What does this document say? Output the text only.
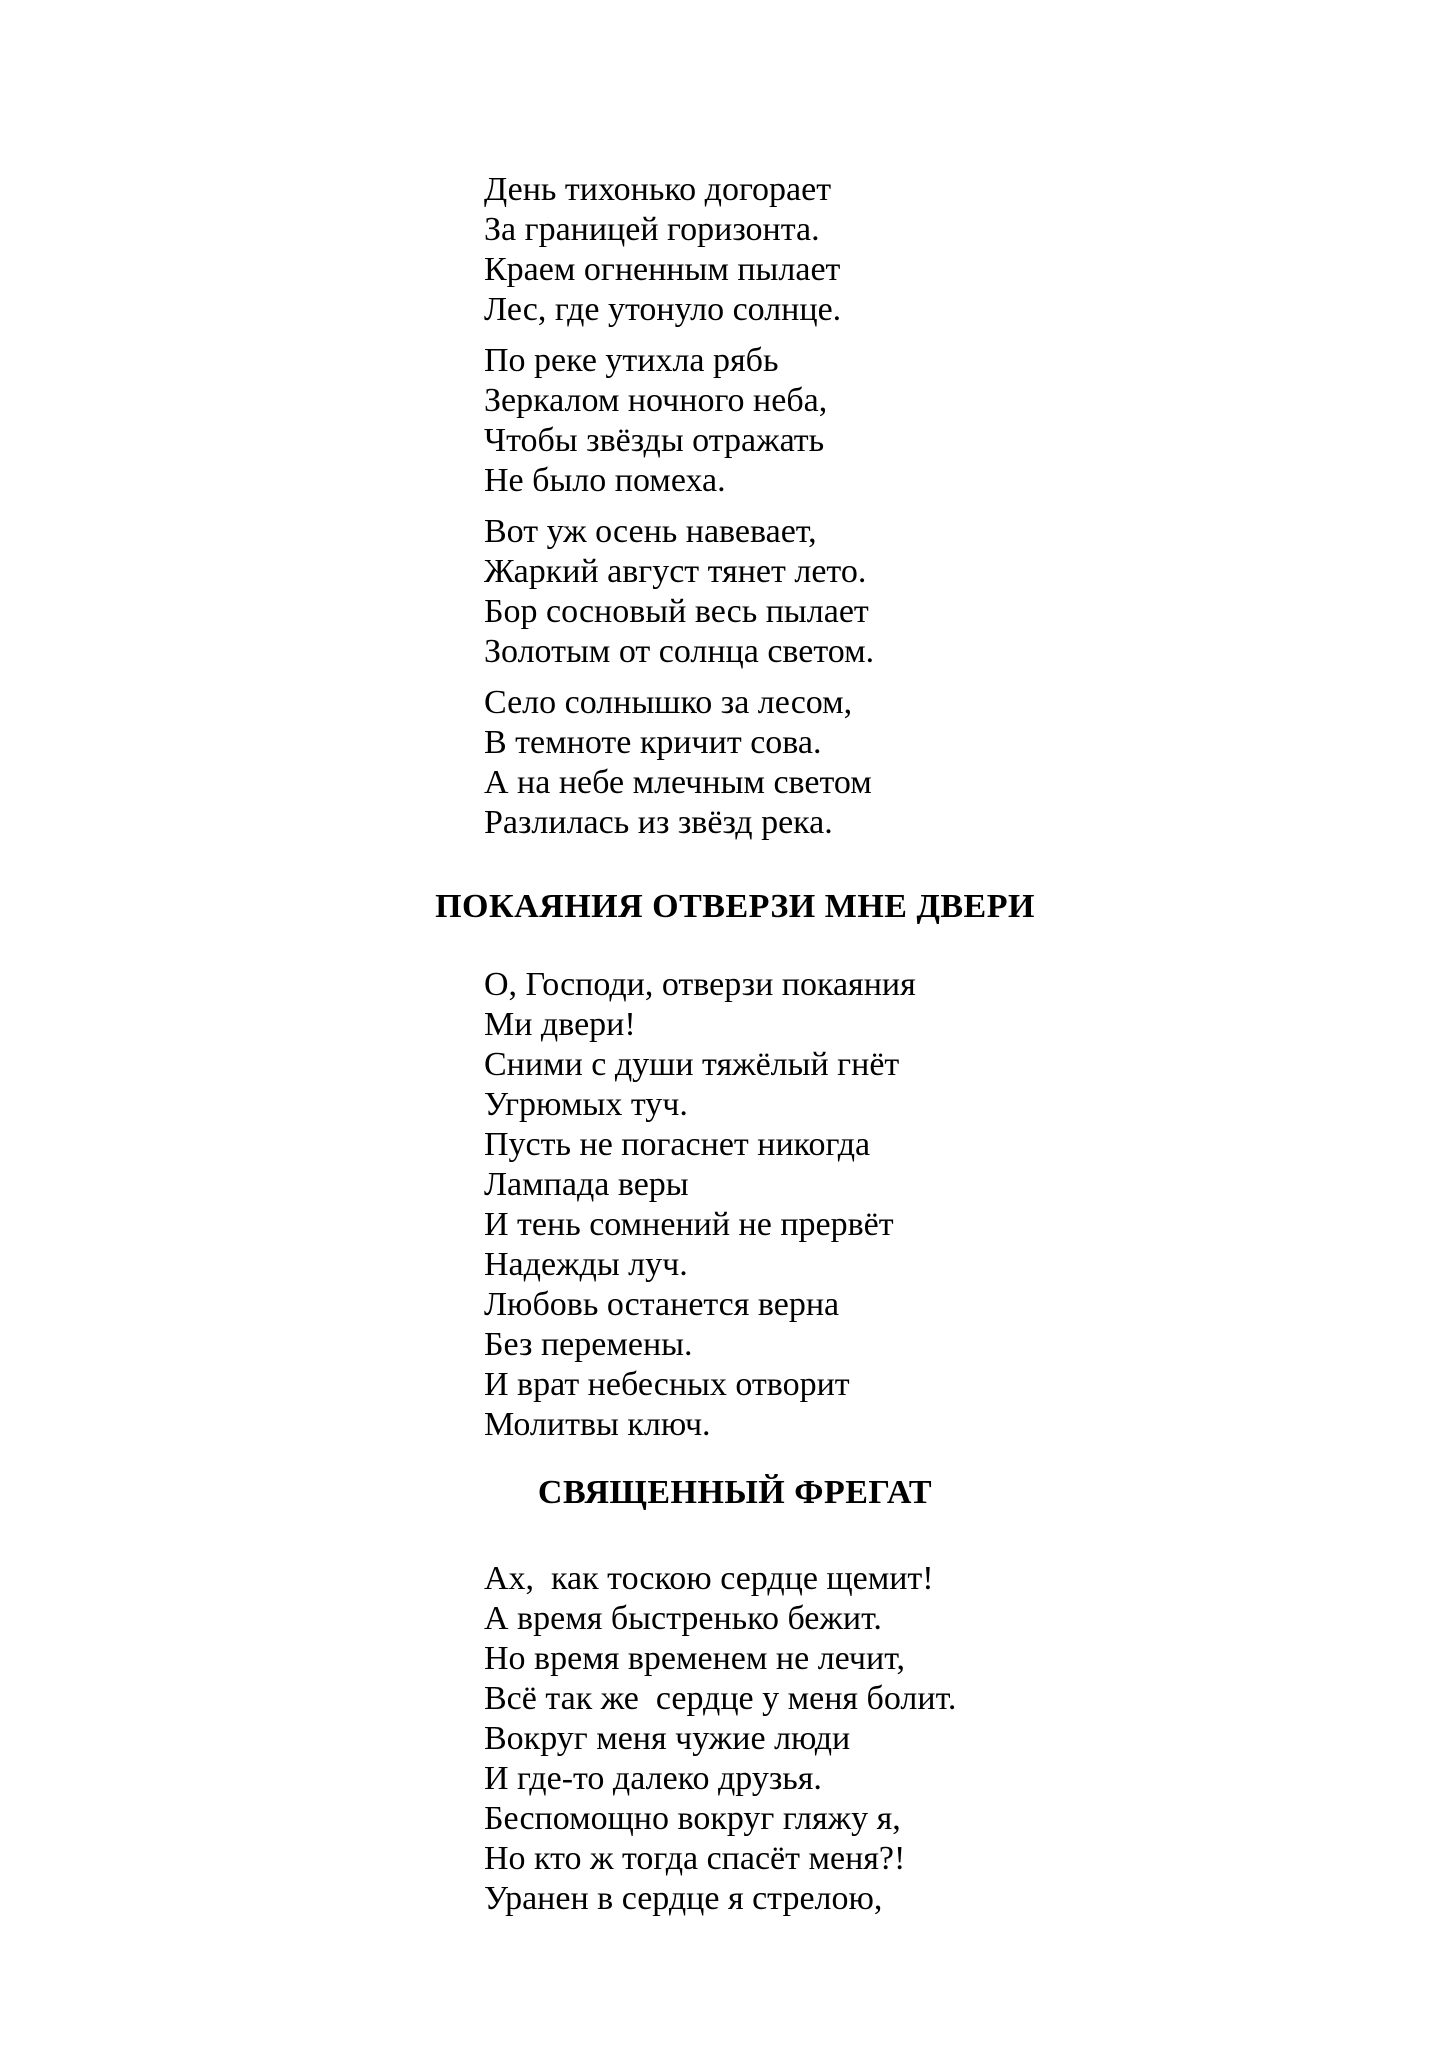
День тихонько догорает
За границей горизонта.
Краем огненным пылает
Лес, где утонуло солнце.

По реке утихла рябь
Зеркалом ночного неба,
Чтобы звёзды отражать
Не было помеха.

Вот уж осень навевает,
Жаркий август тянет лето.
Бор сосновый весь пылает
Золотым от солнца светом.

Село солнышко за лесом,
В темноте кричит сова.
А на небе млечным светом
Разлилась из звёзд река.

ПОКАЯНИЯ ОТВЕРЗИ МНЕ ДВЕРИ

О, Господи, отверзи покаяния
Ми двери!
Сними с души тяжёлый гнёт
Угрюмых туч.
Пусть не погаснет никогда
Лампада веры
И тень сомнений не прервёт
Надежды луч.
Любовь останется верна
Без перемены.
И врат небесных отворит
Молитвы ключ.

СВЯЩЕННЫЙ ФРЕГАТ

Ах,  как тоскою сердце щемит!
А время быстренько бежит.
Но время временем не лечит,
Всё так же  сердце у меня болит.
Вокруг меня чужие люди
И где-то далеко друзья.
Беспомощно вокруг гляжу я,
Но кто ж тогда спасёт меня?!
Уранен в сердце я стрелою,
